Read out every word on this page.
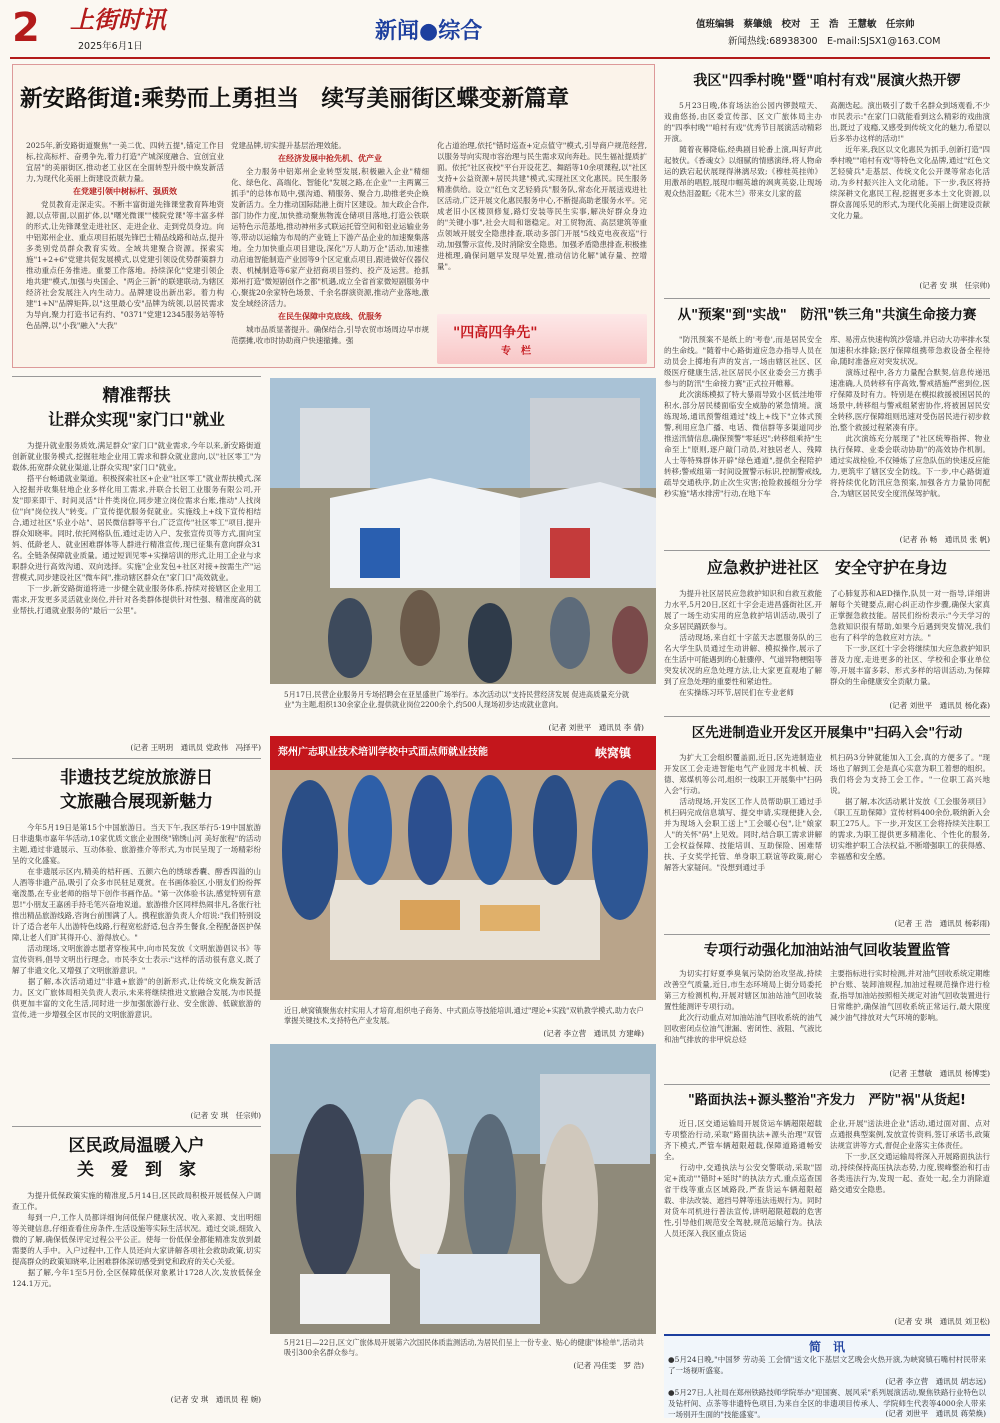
2 上街时讯
2025年6月1日
新闻●综合	值班编辑　蔡肇娥　校对　王　浩　王慧敏　任宗帅
新闻热线:68938300　E-mail:SJSX1@163.COM
新安路街道:乘势而上勇担当　续写美丽街区蝶变新篇章
2025年,新安路街道聚焦"一美二优、四转五提",锚定工作目标,拉高标杆、奋勇争先,着力打造"产城深度融合、宜创宜业宜居"的美丽街区,推动老工业区在全面转型升级中焕发新活力,为现代化美丽上街建设贡献力量。
在党建引领中树标杆、强质效
党员教育走深走实。不断丰富街道先锋课堂教育阵地资源,以点带面,以面扩体,以"曙光微课""楼院党课"等丰富多样的形式,让先锋课堂走进社区、走进企业、走到党员身边。向中铝郑州企业、重点项目拓展先锋巴士精品线路和站点,提升多类别党员群众教育实效。全域共建聚合资源。探索实施"1+2+6"党建共促发展模式,以党建引领设优势群策群力推动重点任务推进。重要工作落地。持续深化"党建引领企地共建"模式,加强与央国企、"两企三新"的联建联动,为辖区经济社会发展注入内生动力。品牌建设出新出彩。着力构建"1+N"品牌矩阵,以"这里最心安"品牌为统领,以居民需求为导向,聚力打造书记有约、"0371"党建12345服务站等特色品牌,以"小我"融入"大我"
党建品牌,切实提升基层治理效能。
在经济发展中抢先机、优产业
全力服务中铝郑州企业转型发展,积极融入企业"精细化、绿色化、高端化、智能化"发展之路,在企业"一主两翼三抓手"的总体布局中,强沟通、精服务、聚合力,助推老央企焕发新活力。全力推动国际陆港上街片区建设。加大政企合作,部门协作力度,加快推动聚焦物流仓储项目落地,打造公铁联运特色示范基地,推动神州多式联运托管空间和铝业运输业务等,带动以运输为布局的产业链上下游产品企业的加速聚集落地。全力加快重点项目建设,深化"万人助万企"活动,加速推动启迪智能制造产业园等9个区定重点项目,跟进做好仪器仪表、机械制造等6家产业招商项目签约、投产及运营。抢抓郑州打造"微短剧创作之都"机遇,成立全省首家微短剧服务中心,聚拢20余家特色场景、千余名群演资源,推动产业落地,激发全域经济活力。
在民生保障中克底线、优服务
城市品质显著提升。确保结合,引导农贸市场周边早市规范摆摊,收市时协助商户快速撤摊。强
化占道治理,依托"错时巡查+定点值守"模式,引导商户规范经营,以服务导向实现市容治理与民生需求双向奔赴。民生福祉提质扩面。依托"社区夜校"平台开设花艺、舞蹈等10余项课程,以"社区支持+公益资源+居民共建"模式,实现社区文化惠民。民生服务精准供给。设立"红色文艺轻骑兵"服务队,常态化开展送戏进社区活动,广泛开展文化惠民服务中心,不断提高助老服务水平。完成老旧小区楼顶修复,路灯安装等民生实事,解决好群众身边的"关键小事",社会大局和谐稳定。对工贸物流、高层建筑等重点领域开展安全隐患排查,联动多部门开展"5线克电夜夜巡"行动,加强警示宣传,及时消除安全隐患。加强矛盾隐患排查,积极推进梳理,确保问题早发现早处置,推动信访化解"诚存量、控增量"。
"四高四争先"
专　栏
精准帮扶
让群众实现"家门口"就业
为提升就业服务质效,满足群众"家门口"就业需求,今年以来,新安路街道创新就业服务模式,挖掘驻地企业用工需求和群众就业意向,以"社区零工"为载体,拓宽群众就业渠道,让群众实现"家门口"就业。
　　搭平台畅通就业渠道。积极探索社区+企业"社区零工"就业帮扶模式,深入挖掘并收集驻地企业多样化用工需求,并联合长铝工业服务有限公司,开发"即来即干、时间灵活"计件类岗位,同步建立岗位需求台账,推动"人找岗位"向"岗位找人"转变。广宣传提优服务促就业。实施线上+线下宣传相结合,通过社区"乐业小站"、居民微信群等平台,广泛宣传"社区零工"项目,提升群众知晓率。同时,依托网格队伍,通过走访入户、发张宣传页等方式,面向宝妈、低龄老人、就业困难群体等人群进行精准宣传,现已征集有意向群众31名。全链条保障就业质量。通过短训见零+实操培训的形式,让用工企业与求职群众进行高效沟通、双向选择。实施"企业发包+社区对接+按需生产"运营模式,同步建设社区"微车间",推动辖区群众在"家门口"高效就业。
　　下一步,新安路街道将进一步健全就业服务体系,持续对接辖区企业用工需求,开发更多灵活就业岗位,并针对各类群体提供针对性强、精准度高的就业帮扶,打通就业服务的"最后一公里"。
(记者 王明玥　通讯员 党政伟　冯择平)
非遗技艺绽放旅游日
文旅融合展现新魅力
今年5月19日是第15个中国旅游日。当天下午,我区举行5·19中国旅游日非遗集市嘉年华活动,10家优质文旅企业围绕"锦绣山河 美好旅程"的活动主题,通过非遗展示、互动体验、旅游推介等形式,为市民呈现了一场精彩纷呈的文化盛宴。
　　在非遗展示区内,精美的桔秆画、五颜六色的绣球香囊、醇香四溢的山人酒等非遗产品,吸引了众多市民驻足观赏。在书画体验区,小朋友们纷纷挥毫泼墨,在专业老师的指导下创作书画作品。"第一次体验书法,感觉特别有意思!"小朋友王嘉函手持毛笔兴奋地说道。旅游推介区同样热闹非凡,各旅行社推出精品旅游线路,咨询台前围满了人。携程旅游负责人介绍说:"我们特别设计了适合老年人出游特色线路,行程宽松舒适,包含养生餐食,全程配备医护保障,让老人们旷其得开心、游得放心。"
　　活动现场,文明旅游志愿者穿梭其中,向市民发放《文明旅游倡议书》等宣传资料,倡导文明出行理念。市民李女士表示:"这样的活动很有意义,既了解了非遗文化,又增强了文明旅游意识。"
　　据了解,本次活动通过"非遗+旅游"的创新形式,让传统文化焕发新活力。区文广旅体局相关负责人表示,未来将继续推进文旅融合发展,为市民提供更加丰富的文化生活,同时进一步加强旅游行业、安全旅游、低碳旅游的宣传,进一步增强全区市民的文明旅游意识。
(记者 安 琪　任宗帅)
区民政局温暖入户
关　爱　到　家
为提升低保政策实施的精准度,5月14日,区民政局积极开展低保入户调查工作。
　　每到一户,工作人员都详细询问低保户健康状况、收入来源、支出明细等关键信息,仔细查看住房条件,生活设施等实际生活状况。通过交谈,细致入微的了解,确保低保评定过程公平公正。使每一份低保金都能精准发放到最需要的人手中。入户过程中,工作人员还向大家讲解各项社会救助政策,切实提高群众的政策知晓率,让困难群体深切感受到党和政府的关心关爱。
　　据了解,今年1至5月份,全区保障低保对象累计1728人次,发放低保金124.1万元。
(记者 安 琪　通讯员 程 婉)
5月17日,民营企业服务月专场招聘会在亚星盛世广场举行。本次活动以"支持民营经济发展 促进高质量充分就业"为主题,组织130余家企业,提供就业岗位2200余个,约500人现场初步达成就业意向。
(记者 刘世平　通讯员 李 倩)
郑州广志职业技术培训学校中式面点师就业技能	峡窝镇
近日,峡窝镇聚焦农村实用人才培育,组织电子商务、中式面点等技能培训,通过"理论+实践"双轨教学模式,助力农户掌握关键技术,支持特色产业发展。
(记者 李立营　通讯员 方建峰)
5月21日—22日,区文广旅体局开展第六次国民体质监测活动,为居民们呈上一份专业、贴心的健康"体检单",活动共吸引300余名群众参与。
(记者 冯佳雯　罗 浩)
我区"四季村晚"暨"咱村有戏"展演火热开锣
5月23日晚,体育场法治公园内锣鼓喧天、戏曲悠扬,由区委宣传部、区文广旅体局主办的"四季村晚""咱村有戏"优秀节目展演活动精彩开演。
　　随着夜幕降临,经典剧目轮番上演,叫好声此起彼伏。《香魂女》以细腻的情感演绎,将人物命运的跌宕起伏展现得淋漓尽致;《穆桂英挂帅》用激昂的唱腔,展现巾帼英雄的飒爽英姿,让现场观众热泪盈眶;《花木兰》带来女儿家的蓝
高潮迭起。演出吸引了数千名群众到场观看,不少市民表示:"在家门口就能看到这么精彩的戏曲演出,既过了戏瘾,又感受到传统文化的魅力,希望以后多举办这样的活动!"
　　近年来,我区以文化惠民为抓手,创新打造"四季村晚""咱村有戏"等特色文化品牌,通过"红色文艺轻骑兵"走基层、传统文化公开课等常态化活动,为乡村振兴注入文化动能。下一步,我区将持续深耕文化惠民工程,挖掘更多本土文化资源,以群众喜闻乐见的形式,为现代化美丽上街建设贡献文化力量。
(记者 安 琪　任宗帅)
从"预案"到"实战"　防汛"铁三角"共演生命接力赛
"防汛预案不是纸上的'考卷',而是居民安全的生命线。"随着中心路街道应急办指导人员在动员会上掷地有声的发言,一场由辖区社区、区级医疗健康生活,社区居民小区业委会三方携手参与的防汛"生命接力赛"正式拉开帷幕。
　　此次演练模拟了特大暴雨导致小区低洼地带积水,部分居民楼面临安全威胁的紧急情境。演练现场,通讯预警组通过"线上+线下"立体式预警,利用应急广播、电话、微信群等多渠道同步推送汛情信息,确保预警"零延迟";转移组乘持"生命至上"原则,逐户敲门动员,对独居老人、残障人士等特殊群体开辟"绿色通道",提供全程陪护转移;警戒组第一时间设置警示标识,控制警戒线,疏导交通秩序,防止次生灾害;抢险救援组分分学秒实施"堵水排涝"行动,在地下车
库、易涝点快速构筑沙袋墙,并启动大功率排水泵加速积水排除;医疗保障组携带急救设备全程待命,随时准备应对突发状况。
　　演练过程中,各方力量配合默契,信息传递迅速准确,人员转移有序高效,警戒措施严密到位,医疗保障及时有力。特别是在模拟救援被困居民的场景中,转移组与警戒组紧密协作,将被困居民安全转移,医疗保障组则迅速对受伤居民进行初步救治,整个救援过程紧凑有序。
　　此次演练充分展现了"社区统筹指挥、物业执行保障、业委会联动协助"的高效协作机制。通过实战检验,不仅锤炼了应急队伍的快速反应能力,更筑牢了辖区安全防线。下一步,中心路街道将持续优化防汛应急预案,加强各方力量协同配合,为辖区居民安全度汛保驾护航。
(记者 孙 畅　通讯员 张 帆)
应急救护进社区　安全守护在身边
为提升社区居民应急救护知识和自救互救能力水平,5月20日,区红十字会走进昌盛街社区,开展了一场生动实用的应急救护培训活动,吸引了众多居民踊跃参与。
　　活动现场,来自红十字蓝天志愿服务队的三名大学生队员通过生动讲解、模拟操作,展示了在生活中可能遇到的心脏骤停、气道异物梗阻等突发状况的应急处理方法,让大家更直观地了解到了应急处理的重要性和紧迫性。
　　在实操练习环节,居民们在专业老师
了心肺复苏和AED操作,队员一对一指导,详细讲解每个关键要点,耐心纠正动作步骤,确保大家真正掌握急救技能。居民们纷纷表示:"今天学习的急救知识很有帮助,如果今后遇到突发情况,我们也有了科学的急救应对方法。"
　　下一步,区红十字会将继续加大应急救护知识普及力度,走进更多的社区、学校和企事业单位等,开展丰富多彩、形式多样的培训活动,为保障群众的生命健康安全贡献力量。
(记者 刘世平　通讯员 杨化森)
区先进制造业开发区开展集中"扫码入会"行动
为扩大工会组织覆盖面,近日,区先进制造业开发区工会走进智能电气产业园龙丰机械、沃德、郑煤机等公司,组织一线职工开展集中"扫码入会"行动。
　　活动现场,开发区工作人员帮助职工通过手机扫码完成信息填写、提交申请,实现便捷入会,并为现场入会职工送上"工会暖心包",让"娘家人"的关怀"码"上见效。同时,结合职工需求讲解工会权益保障、技能培训、互助保险、困难帮扶、子女奖学托管、单身职工联谊等政策,耐心解答大家疑问。"没想到通过手
机扫码3分钟就能加入工会,真的方便多了。"现场也了解到工会是真心实意为职工着想的组织。我们将会为支持工会工作。"一位职工高兴地说。
　　据了解,本次活动累计发放《工会服务项目》《职工互助保障》宣传材料400余份,吸纳新入会职工275人。下一步,开发区工会将持续关注职工的需求,为职工提供更多精准化、个性化的服务,切实维护职工合法权益,不断增强职工的获得感、幸福感和安全感。
(记者 王 浩　通讯员 杨彩雨)
专项行动强化加油站油气回收装置监管
为切实打好夏季臭氧污染防治攻坚战,持续改善空气质量,近日,市生态环境局上街分局委托第三方检测机构,开展对辖区加油站油气回收装置性能测评专项行动。
　　此次行动重点对加油站油气回收系统的油气回收密闭点位油气泄漏、密闭性、液阻、气液比和油气排放的非甲烷总烃
主要指标进行实时检测,并对油气回收系统定期维护台账、装卸油规程,加油过程规范操作进行检查,指导加油站按照相关规定对油气回收装置进行日常维护,确保油气回收系统正常运行,最大限度减少油气排放对大气环境的影响。
(记者 王慧敏　通讯员 杨博雯)
"路面执法+源头整治"齐发力　严防"祸"从货起!
近日,区交通运输局开展货运车辆超限超载专项整治行动,采取"路面执法+源头治理"双管齐下模式,严管车辆超限超载,保障道路通畅安全。
　　行动中,交通执法与公安交警联动,采取"固定+流动""错时+延时"的执法方式,重点巡查国省干线等重点区域路段,严查货运车辆超限超载、非法改装、遮挡号牌等违法违规行为。同时对货车司机进行普法宣传,讲明超限超载的危害性,引导他们规范安全驾驶,规范运输行为。执法人员还深入我区重点货运
企业,开展"送法进企业"活动,通过面对面、点对点通报典型案例,发放宣传资料,签订承诺书,政策法规宣讲等方式,督促企业落实主体责任。
　　下一步,区交通运输局将深入开展路面执法行动,持续保持高压执法态势,力度,锲峰整治和打击各类违法行为,发现一起、查处一起,全力消除道路交通安全隐患。
(记者 安 琪　通讯员 刘卫松)
简　讯
●5月24日晚,"中国梦 劳动美 工会情"送文化下基层文艺晚会火热开演,为峡窝镇石嘴村村民带来了一场视听盛宴。
(记者 李立营　通讯员 胡志远)
●5月27日,人社局在郑州铁路技师学院举办"迎国赛、展风采"系列展演活动,聚焦铁路行业特色以及钻杆间、点茶等非遗特色项目,为来自全区的非遗项目传承人、学院师生代表等4000余人带来一场别开生面的"技能盛宴"。	(记者 刘世平　通讯员 蒋荣焕)
